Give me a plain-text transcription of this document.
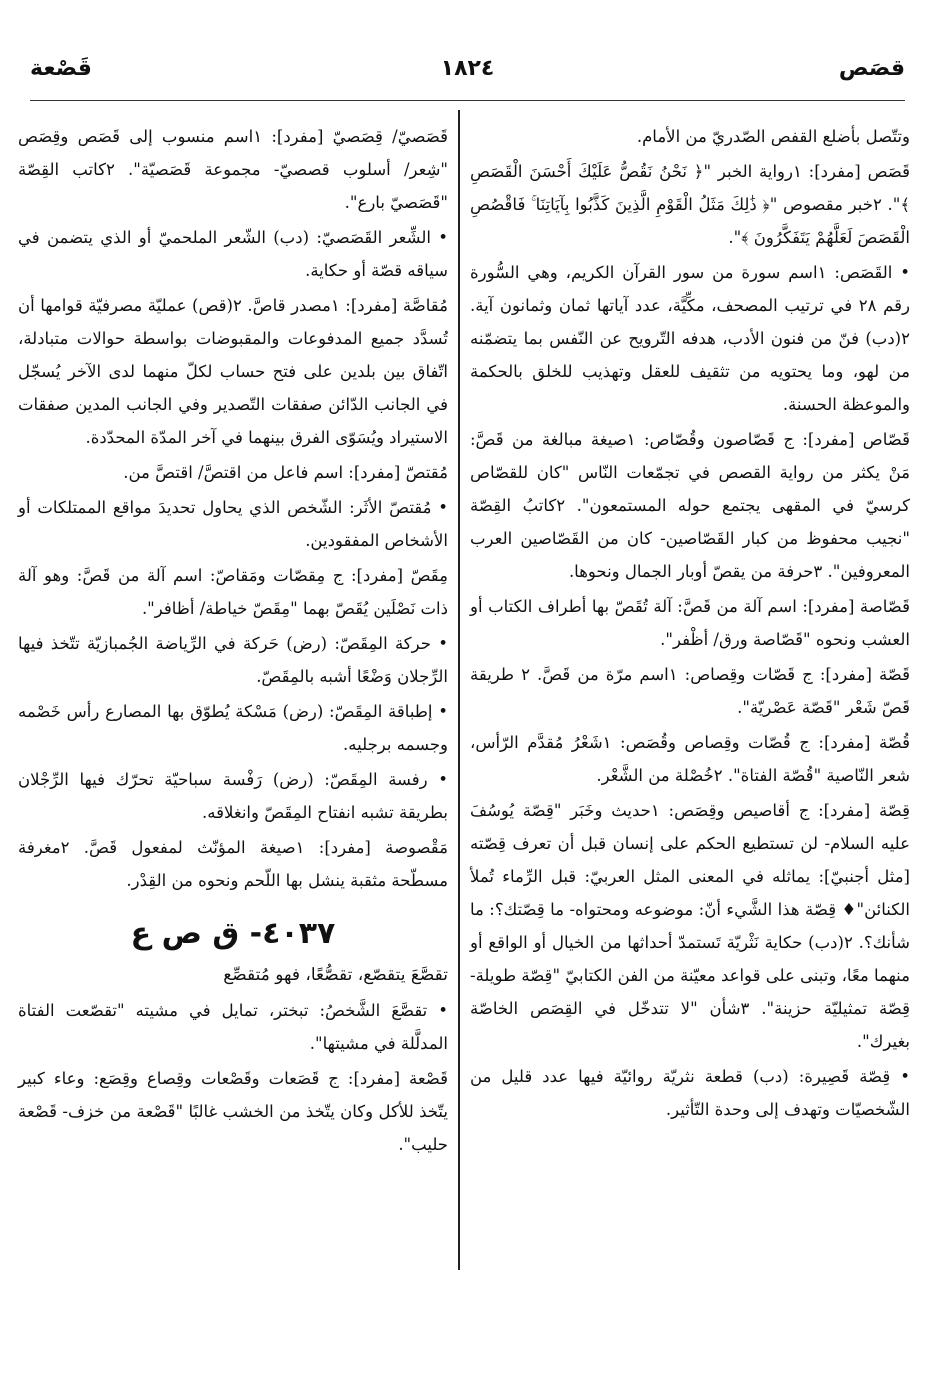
قصَص
١٨٢٤
قَصْعة

وتتّصل بأضلع القفص الصّدريّ من الأمام.

قَصَص [مفرد]: ١رواية الخبر "﴿ نَحْنُ نَقُصُّ عَلَيْكَ أَحْسَنَ الْقَصَصِ ﴾". ٢خبر مقصوص "﴿ ذَٰلِكَ مَثَلُ الْقَوْمِ الَّذِينَ كَذَّبُوا بِآيَاتِنَا ۚ فَاقْصُصِ الْقَصَصَ لَعَلَّهُمْ يَتَفَكَّرُونَ ﴾".

• القَصَص: ١اسم سورة من سور القرآن الكريم، وهي السُّورة رقم ٢٨ في ترتيب المصحف، مكِّيَّة، عدد آياتها ثمان وثمانون آية. ٢(دب) فنّ من فنون الأدب، هدفه التّرويح عن النّفس بما يتضمّنه من لهو، وما يحتويه من تثقيف للعقل وتهذيب للخلق بالحكمة والموعظة الحسنة.

قَصّاص [مفرد]: ج قَصّاصون وقُصّاص: ١صيغة مبالغة من قَصَّ: مَنْ يكثر من رواية القصص في تجمّعات النّاس "كان للقصّاص كرسيّ في المقهى يجتمع حوله المستمعون". ٢كاتبُ القِصّة "نجيب محفوظ من كبار القَصّاصين- كان من القَصّاصين العرب المعروفين". ٣حرفة من يقصّ أوبار الجمال ونحوها.

قَصّاصة [مفرد]: اسم آلة من قَصَّ: آلة تُقَصّ بها أطراف الكتاب أو العشب ونحوه "قَصّاصة ورق/ أظْفر".

قَصّة [مفرد]: ج قَصّات وقِصاص: ١اسم مرّة من قَصَّ. ٢ طريقة قَصّ شَعْر "قَصّة عَصْريّة".

قُصّة [مفرد]: ج قُصّات وقِصاص وقُصَص: ١شَعْرُ مُقدَّم الرّأس، شعر النّاصية "قُصّة الفتاة". ٢خُصْلة من الشَّعْر.

قِصّة [مفرد]: ج أقاصيص وقِصَص: ١حديث وخَبَر "قِصّة يُوسُفَ عليه السلام- لن تستطيع الحكم على إنسان قبل أن تعرف قِصّته [مثل أجنبيّ]: يماثله في المعنى المثل العربيّ: قبل الرِّماء تُملأ الكنائن"♦ قِصّة هذا الشَّيء أنّ: موضوعه ومحتواه- ما قِصّتك؟: ما شأنك؟. ٢(دب) حكاية نَثْريّة تَستمدّ أحداثها من الخيال أو الواقع أو منهما معًا، وتبنى على قواعد معيّنة من الفن الكتابيّ "قِصّة طويلة- قِصّة تمثيليّة حزينة". ٣شأن "لا تتدخّل في القِصَص الخاصّة بغيرك".

• قِصّة قَصِيرة: (دب) قطعة نثريّة روائيّة فيها عدد قليل من الشّخصيّات وتهدف إلى وحدة التّأثير.

قَصَصيّ/ قِصَصيّ [مفرد]: ١اسم منسوب إلى قَصَص وقِصَص "شِعر/ أسلوب قصصيّ- مجموعة قَصَصيّة". ٢كاتب القِصّة "قَصَصيّ بارع".

• الشِّعر القَصَصيّ: (دب) الشّعر الملحميّ أو الذي يتضمن في سياقه قصّة أو حكاية.

مُقاصَّة [مفرد]: ١مصدر قاصَّ. ٢(قص) عمليّة مصرفيّة قوامها أن تُسدَّد جميع المدفوعات والمقبوضات بواسطة حوالات متبادلة، اتّفاق بين بلدين على فتح حساب لكلّ منهما لدى الآخر يُسجّل في الجانب الدّائن صفقات التّصدير وفي الجانب المدين صفقات الاستيراد ويُسَوّى الفرق بينهما في آخر المدّة المحدّدة.

مُقتصّ [مفرد]: اسم فاعل من اقتصَّ/ اقتصَّ من.

• مُقتصّ الأثَر: الشّخص الذي يحاول تحديدَ مواقع الممتلكات أو الأشخاص المفقودين.

مِقَصّ [مفرد]: ج مِقصّات ومَقاصّ: اسم آلة من قَصَّ: وهو آلة ذات نَصْلَين يُقَصّ بهما "مِقَصّ خياطة/ أظافر".

• حركة المِقَصّ: (رض) حَركة في الرِّياضة الجُمبازيّة تتّخذ فيها الرِّجلان وَضْعًا أشبه بالمِقَصّ.

• إطباقة المِقَصّ: (رض) مَسْكة يُطوّق بها المصارع رأس خَصْمه وجسمه برجليه.

• رفسة المِقَصّ: (رض) رَفْسة سباحيّة تحرّك فيها الرِّجْلان بطريقة تشبه انفتاح المِقَصّ وانغلاقه.

مَقْصوصة [مفرد]: ١صيغة المؤنّث لمفعول قَصَّ. ٢مغرفة مسطّحة مثقبة ينشل بها اللّحم ونحوه من القِدْر.

٤٠٣٧- ق ص ع

تقصَّعَ يتقصّع، تقصُّعًا، فهو مُتقصِّع

• تقصَّعَ الشَّخصُ: تبختر، تمايل في مشيته "تقصّعت الفتاة المدلَّلة في مشيتها".

قَصْعة [مفرد]: ج قَصَعات وقَصْعات وقِصاع وقِصَع: وعاء كبير يتّخذ للأكل وكان يتّخذ من الخشب غالبًا "قَصْعة من خزف- قَصْعة حليب".
